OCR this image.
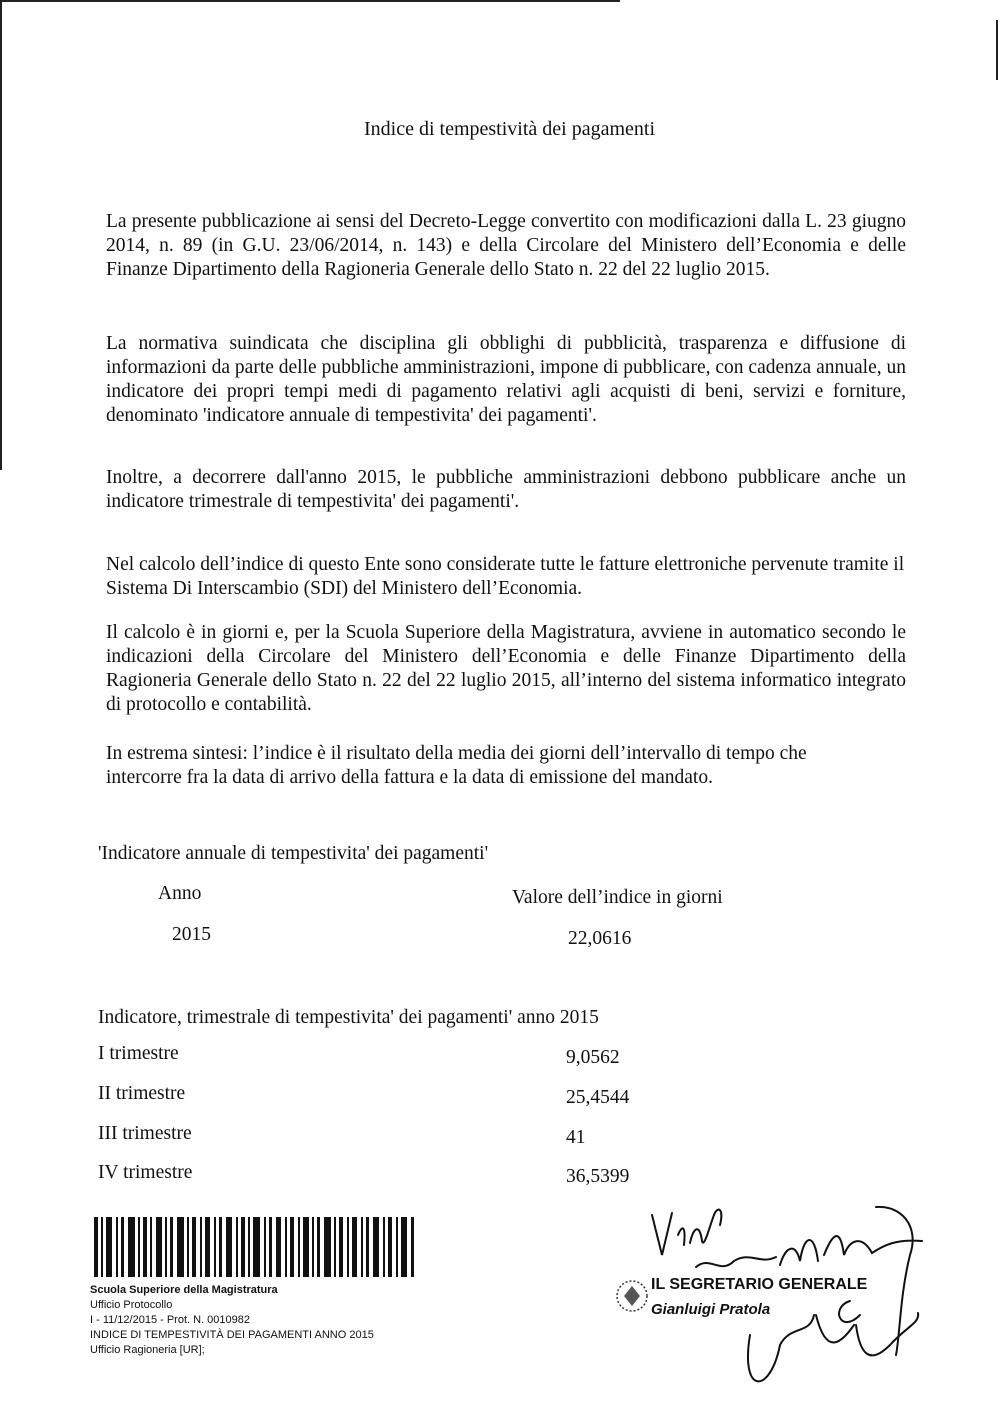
Indice di tempestività dei pagamenti
La presente pubblicazione ai sensi del Decreto-Legge convertito con modificazioni dalla L. 23 giugno 2014, n. 89 (in G.U. 23/06/2014, n. 143) e della Circolare del Ministero dell’Economia e delle Finanze Dipartimento della Ragioneria Generale dello Stato n. 22 del 22 luglio 2015.
La normativa suindicata che disciplina gli obblighi di pubblicità, trasparenza e diffusione di informazioni da parte delle pubbliche amministrazioni, impone di pubblicare, con cadenza annuale, un indicatore dei propri tempi medi di pagamento relativi agli acquisti di beni, servizi e forniture, denominato 'indicatore annuale di tempestivita' dei pagamenti'.
Inoltre, a decorrere dall'anno 2015, le pubbliche amministrazioni debbono pubblicare anche un indicatore trimestrale di tempestivita' dei pagamenti'.
Nel calcolo dell’indice di questo Ente sono considerate tutte le fatture elettroniche pervenute tramite il Sistema Di Interscambio (SDI) del Ministero dell’Economia.
Il calcolo è in giorni e, per la Scuola Superiore della Magistratura, avviene in automatico secondo le indicazioni della Circolare del Ministero dell’Economia e delle Finanze Dipartimento della Ragioneria Generale dello Stato n. 22 del 22 luglio 2015, all’interno del sistema informatico integrato di protocollo e contabilità.
In estrema sintesi: l’indice è il risultato della media dei giorni dell’intervallo di tempo che intercorre fra la data di arrivo della fattura e la data di emissione del mandato.
'Indicatore annuale di tempestivita' dei pagamenti'
Anno	Valore dell’indice in giorni
2015	22,0616
Indicatore, trimestrale di tempestivita' dei pagamenti' anno 2015
I trimestre	9,0562
II trimestre	25,4544
III trimestre	41
IV trimestre	36,5399
Scuola Superiore della Magistratura
Ufficio Protocollo
I - 11/12/2015 - Prot. N. 0010982
INDICE DI TEMPESTIVITÀ DEI PAGAMENTI ANNO 2015
Ufficio Ragioneria [UR];
IL SEGRETARIO GENERALE
Gianluigi Pratola
